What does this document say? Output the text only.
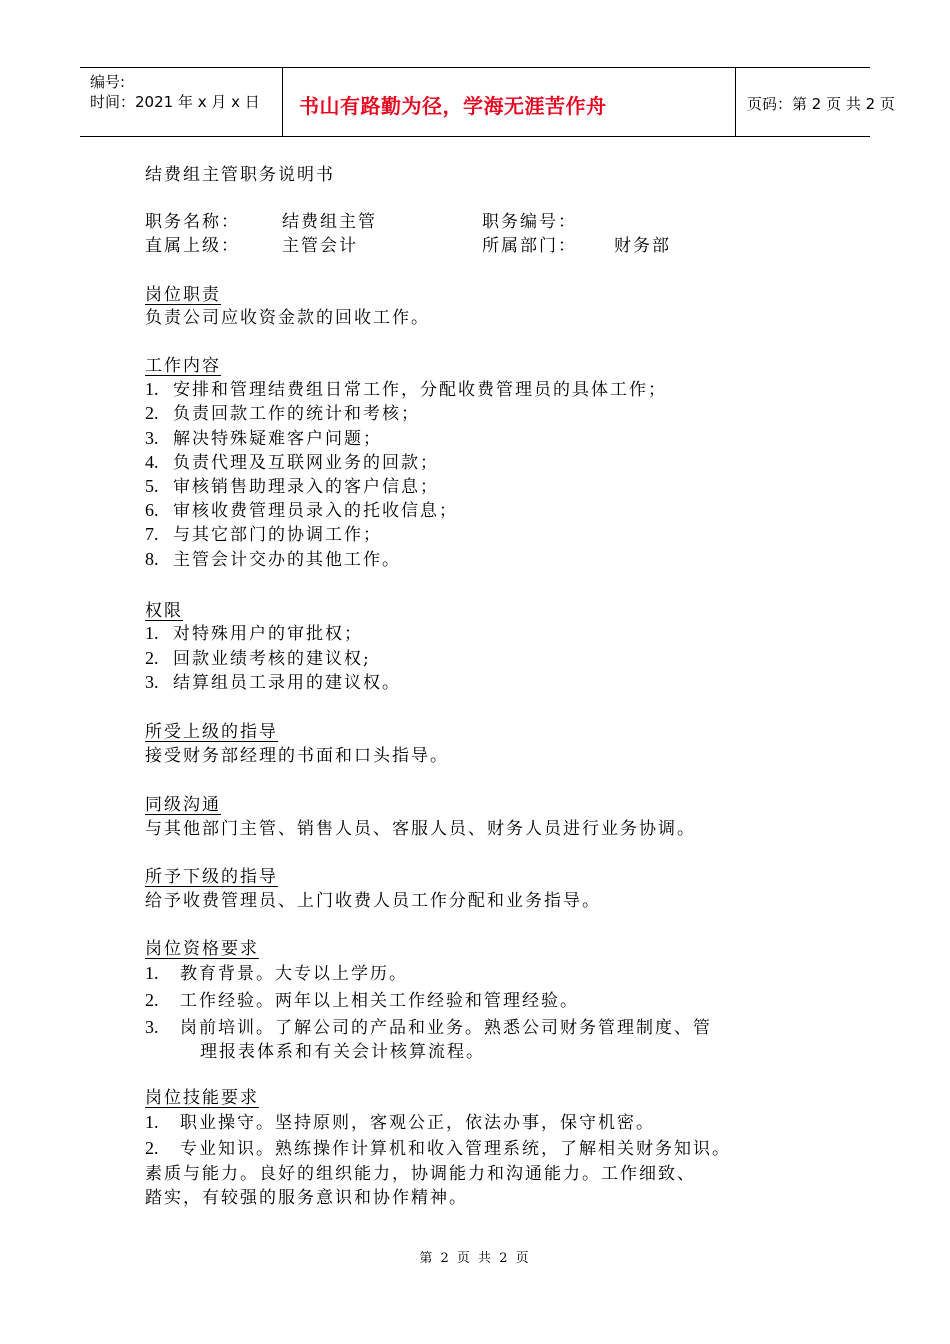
编号:
时间：2021 年 x 月 x 日 书山有路勤为径，学海无涯苦作舟	页码：第 2 页 共 2 页
结费组主管职务说明书
职务名称： 结费组主管	职务编号：
直属上级： 主管会计	所属部门： 财务部
岗位职责
负责公司应收资金款的回收工作。
工作内容
1. 安排和管理结费组日常工作，分配收费管理员的具体工作；
2. 负责回款工作的统计和考核；
3. 解决特殊疑难客户问题；
4. 负责代理及互联网业务的回款；
5. 审核销售助理录入的客户信息；
6. 审核收费管理员录入的托收信息；
7. 与其它部门的协调工作；
8. 主管会计交办的其他工作。
权限
1. 对特殊用户的审批权；
2. 回款业绩考核的建议权;
3. 结算组员工录用的建议权。
所受上级的指导
接受财务部经理的书面和口头指导。
同级沟通
与其他部门主管、销售人员、客服人员、财务人员进行业务协调。
所予下级的指导
给予收费管理员、上门收费人员工作分配和业务指导。
岗位资格要求
1. 教育背景。大专以上学历。
2. 工作经验。两年以上相关工作经验和管理经验。
3. 岗前培训。了解公司的产品和业务。熟悉公司财务管理制度、管
理报表体系和有关会计核算流程。
岗位技能要求
1. 职业操守。坚持原则，客观公正，依法办事，保守机密。
2. 专业知识。熟练操作计算机和收入管理系统，了解相关财务知识。
素质与能力。良好的组织能力，协调能力和沟通能力。工作细致、
踏实，有较强的服务意识和协作精神。
第 2 页 共 2 页
